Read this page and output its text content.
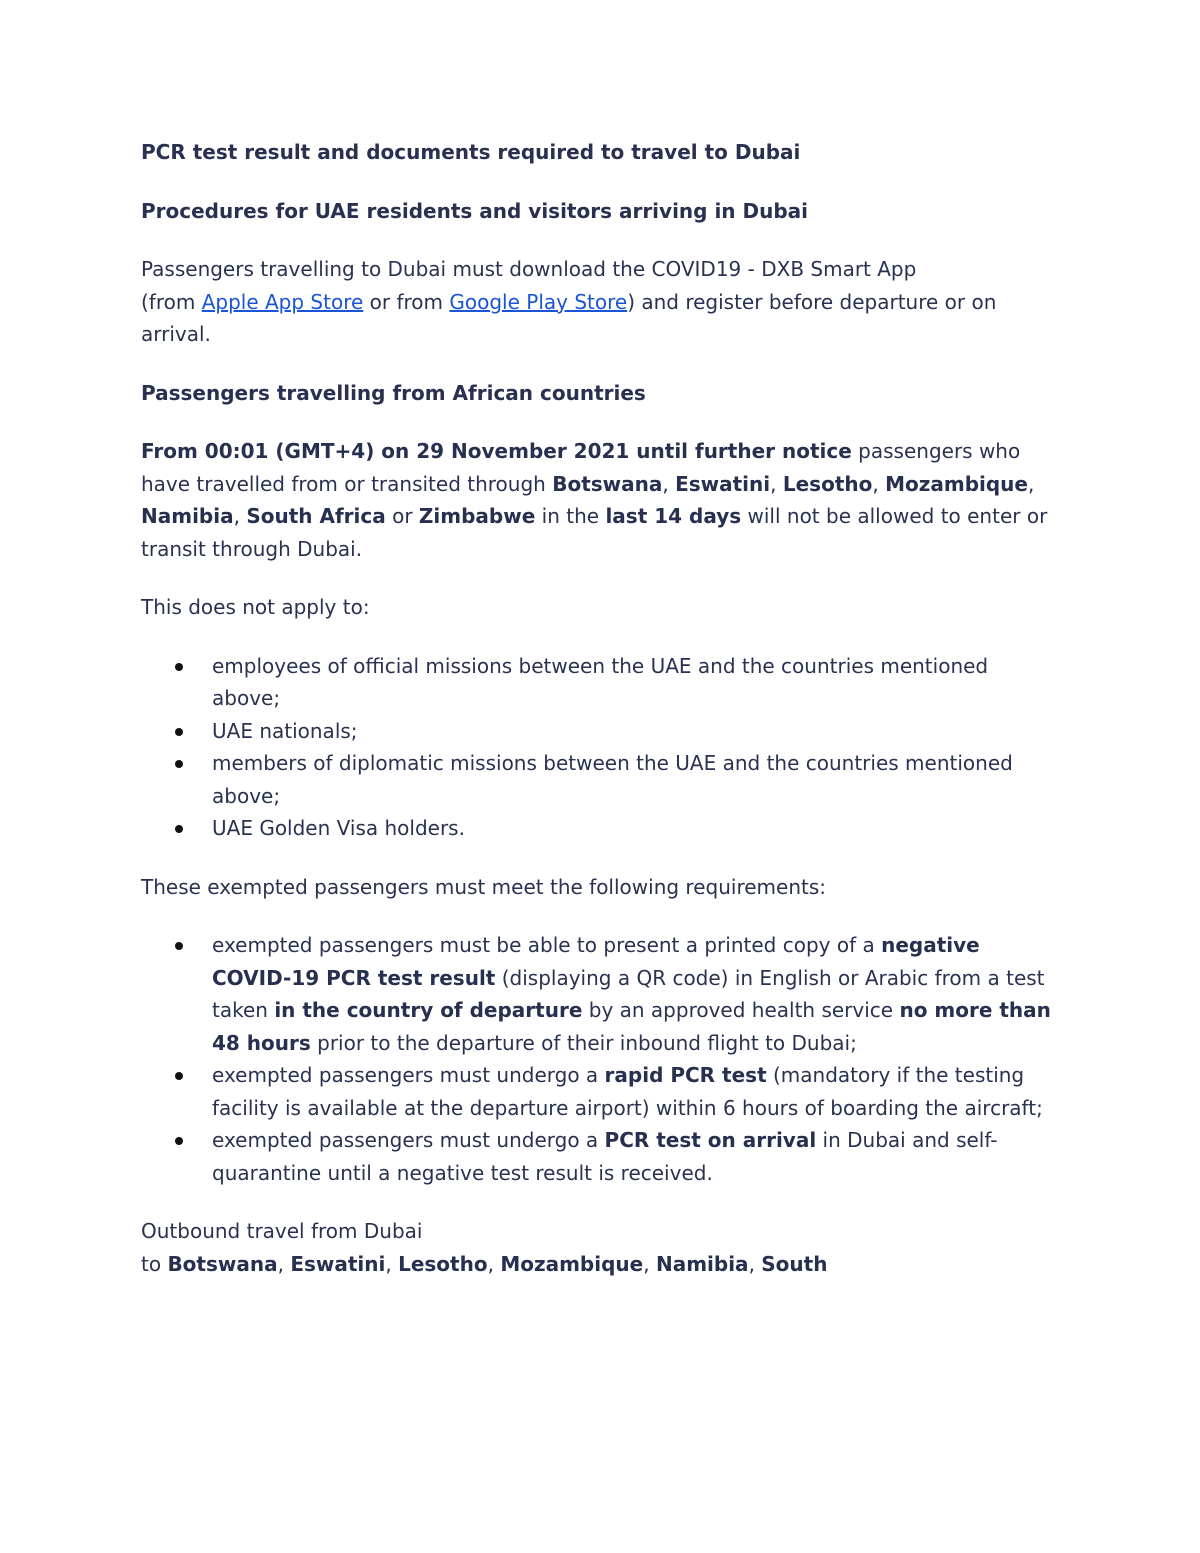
PCR test result and documents required to travel to Dubai

Procedures for UAE residents and visitors arriving in Dubai

Passengers travelling to Dubai must download the COVID19 - DXB Smart App
(from Apple App Store or from Google Play Store) and register before departure or on arrival.

Passengers travelling from African countries

From 00:01 (GMT+4) on 29 November 2021 until further notice passengers who have travelled from or transited through Botswana, Eswatini, Lesotho, Mozambique, Namibia, South Africa or Zimbabwe in the last 14 days will not be allowed to enter or transit through Dubai.

This does not apply to:

employees of official missions between the UAE and the countries mentioned above;
UAE nationals;
members of diplomatic missions between the UAE and the countries mentioned above;
UAE Golden Visa holders.

These exempted passengers must meet the following requirements:

exempted passengers must be able to present a printed copy of a negative COVID-19 PCR test result (displaying a QR code) in English or Arabic from a test taken in the country of departure by an approved health service no more than 48 hours prior to the departure of their inbound flight to Dubai;
exempted passengers must undergo a rapid PCR test (mandatory if the testing facility is available at the departure airport) within 6 hours of boarding the aircraft;
exempted passengers must undergo a PCR test on arrival in Dubai and self-quarantine until a negative test result is received.

Outbound travel from Dubai
to Botswana, Eswatini, Lesotho, Mozambique, Namibia, South
